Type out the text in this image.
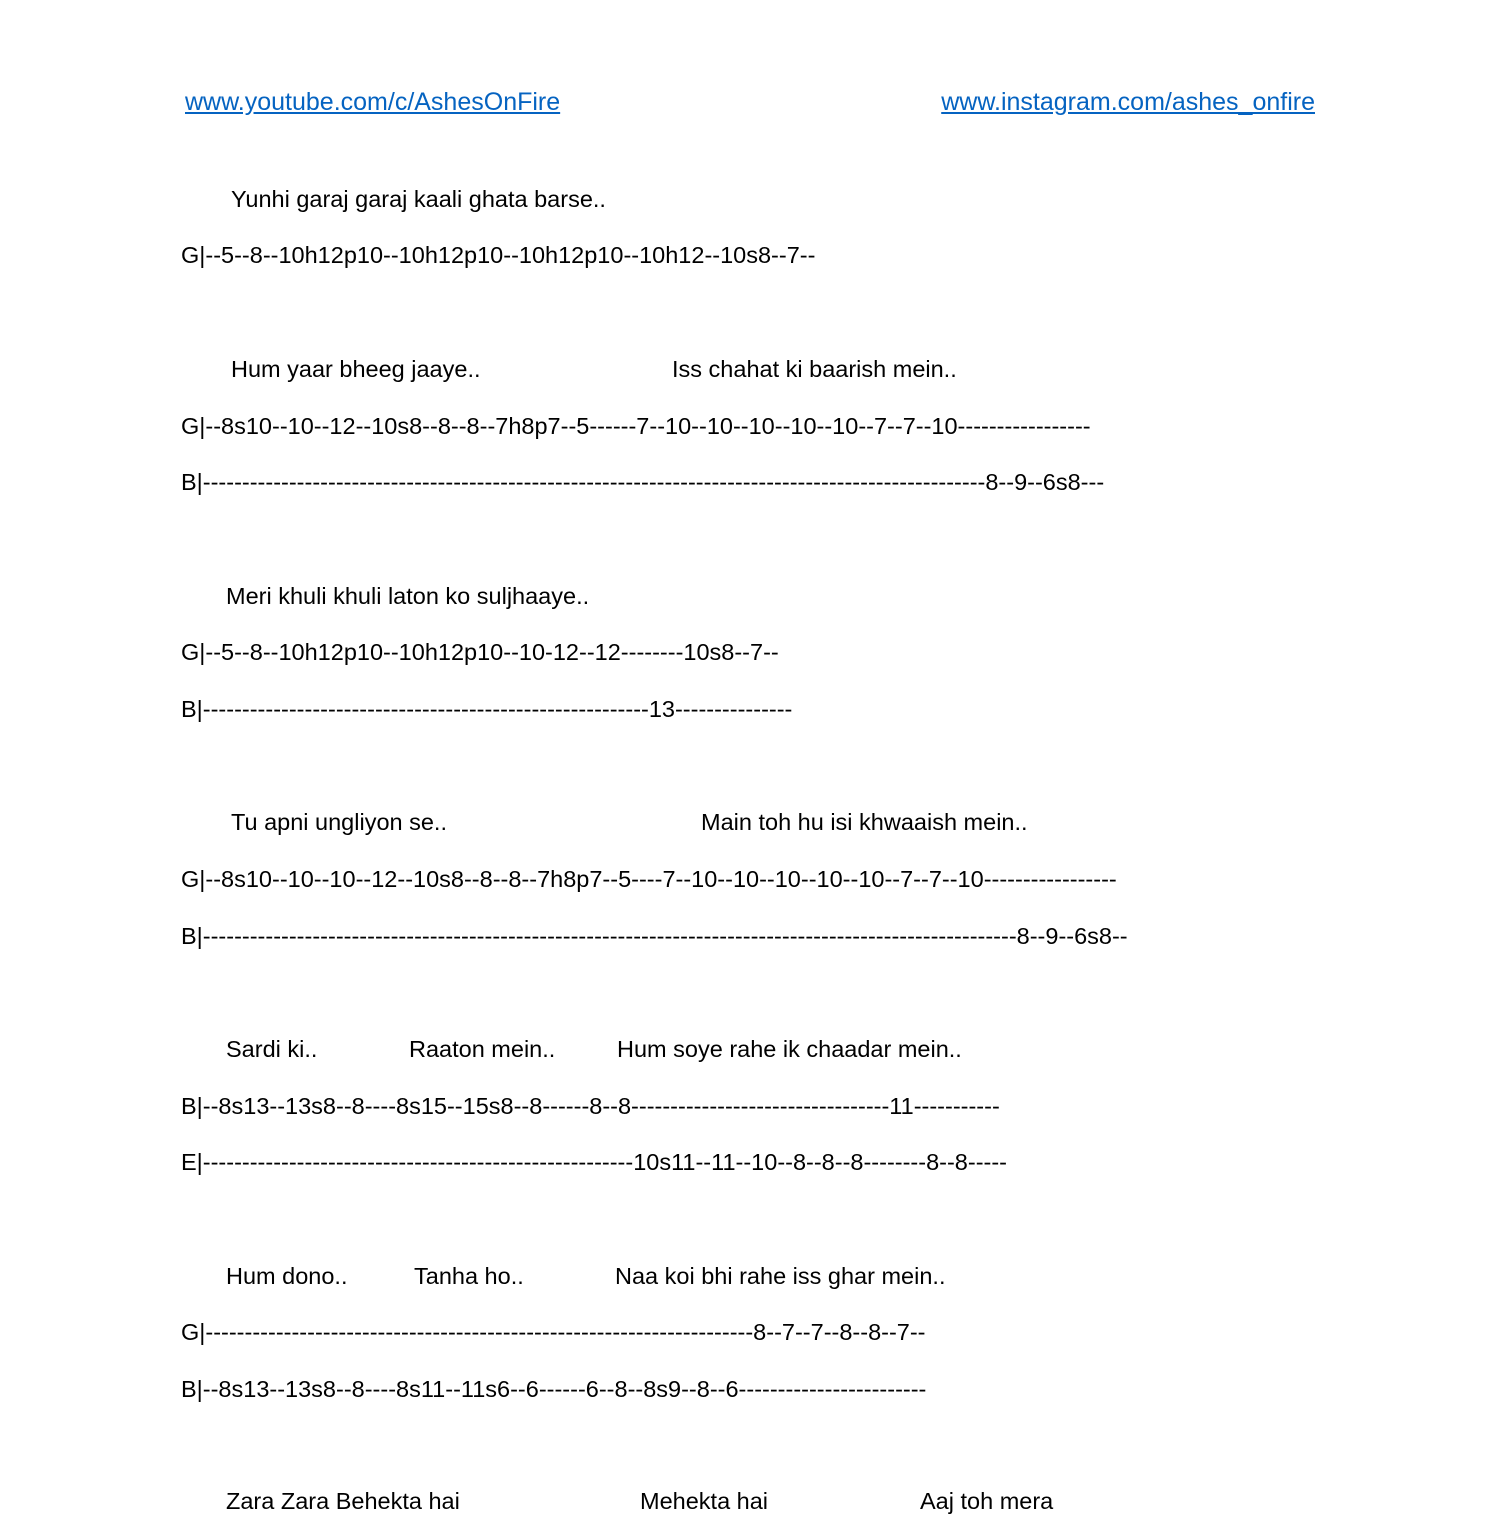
www.youtube.com/c/AshesOnFire	www.instagram.com/ashes_onfire
Yunhi garaj garaj kaali ghata barse..
G|--5--8--10h12p10--10h12p10--10h12p10--10h12--10s8--7--
Hum yaar bheeg jaaye..	Iss chahat ki baarish mein..
G|--8s10--10--12--10s8--8--8--7h8p7--5------7--10--10--10--10--10--7--7--10-----------------
B|----------------------------------------------------------------------------------------------------8--9--6s8---
Meri khuli khuli laton ko suljhaaye..
G|--5--8--10h12p10--10h12p10--10-12--12--------10s8--7--
B|---------------------------------------------------------13---------------
Tu apni ungliyon se..	Main toh hu isi khwaaish mein..
G|--8s10--10--10--12--10s8--8--8--7h8p7--5----7--10--10--10--10--10--7--7--10-----------------
B|--------------------------------------------------------------------------------------------------------8--9--6s8--
Sardi ki..	Raaton mein..	Hum soye rahe ik chaadar mein..
B|--8s13--13s8--8----8s15--15s8--8------8--8---------------------------------11-----------
E|-------------------------------------------------------10s11--11--10--8--8--8--------8--8-----
Hum dono..	Tanha ho..	Naa koi bhi rahe iss ghar mein..
G|----------------------------------------------------------------------8--7--7--8--8--7--
B|--8s13--13s8--8----8s11--11s6--6------6--8--8s9--8--6------------------------
Zara Zara Behekta hai	Mehekta hai	Aaj toh mera
